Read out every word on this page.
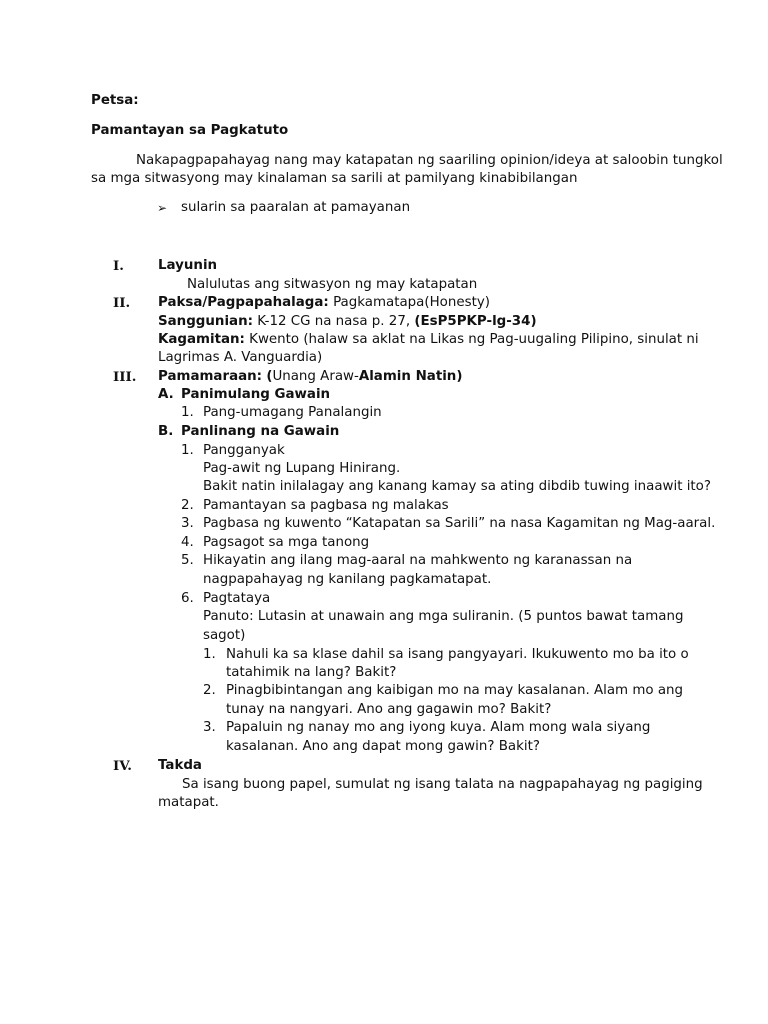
Petsa:
Pamantayan sa Pagkatuto
Nakapagpapahayag nang may katapatan ng saariling opinion/ideya at saloobin tungkol
sa mga sitwasyong may kinalaman sa sarili at pamilyang kinabibilangan
➢ sularin sa paaralan at pamayanan
I.	Layunin
Nalulutas ang sitwasyon ng may katapatan
II. Paksa/Pagpapahalaga: Pagkamatapa(Honesty)
Sanggunian: K-12 CG na nasa p. 27, (EsP5PKP-lg-34)
Kagamitan: Kwento (halaw sa aklat na Likas ng Pag-uugaling Pilipino, sinulat ni
Lagrimas A. Vanguardia)
III. Pamamaraan: (Unang Araw-Alamin Natin)
A. Panimulang Gawain
1. Pang-umagang Panalangin
B. Panlinang na Gawain
1. Pangganyak
Pag-awit ng Lupang Hinirang.
Bakit natin inilalagay ang kanang kamay sa ating dibdib tuwing inaawit ito?
2. Pamantayan sa pagbasa ng malakas
3. Pagbasa ng kuwento “Katapatan sa Sarili” na nasa Kagamitan ng Mag-aaral.
4. Pagsagot sa mga tanong
5. Hikayatin ang ilang mag-aaral na mahkwento ng karanassan na
nagpapahayag ng kanilang pagkamatapat.
6. Pagtataya
Panuto: Lutasin at unawain ang mga suliranin. (5 puntos bawat tamang
sagot)
1. Nahuli ka sa klase dahil sa isang pangyayari. Ikukuwento mo ba ito o
tatahimik na lang? Bakit?
2. Pinagbibintangan ang kaibigan mo na may kasalanan. Alam mo ang
tunay na nangyari. Ano ang gagawin mo? Bakit?
3. Papaluin ng nanay mo ang iyong kuya. Alam mong wala siyang
kasalanan. Ano ang dapat mong gawin? Bakit?
IV. Takda
Sa isang buong papel, sumulat ng isang talata na nagpapahayag ng pagiging
matapat.
